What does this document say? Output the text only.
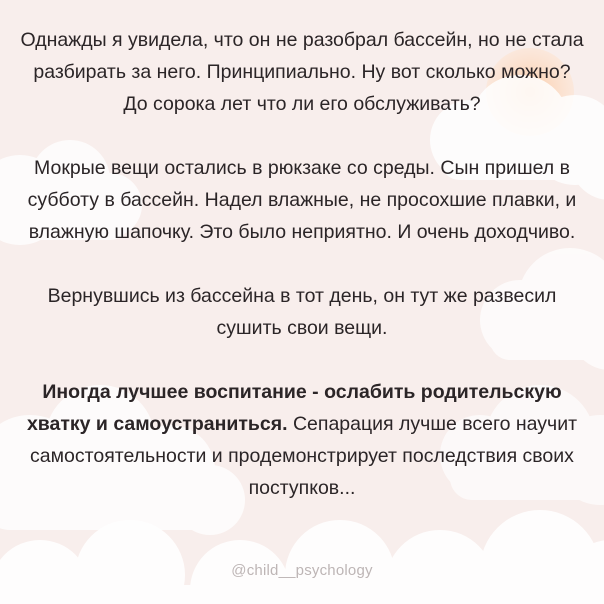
Однажды я увидела, что он не разобрал бассейн, но не стала разбирать за него. Принципиально. Ну вот сколько можно? До сорока лет что ли его обслуживать?

Мокрые вещи остались в рюкзаке со среды. Сын пришел в субботу в бассейн. Надел влажные, не просохшие плавки, и влажную шапочку. Это было неприятно. И очень доходчиво.

Вернувшись из бассейна в тот день, он тут же развесил сушить свои вещи.

Иногда лучшее воспитание - ослабить родительскую хватку и самоустраниться. Сепарация лучше всего научит самостоятельности и продемонстрирует последствия своих поступков...

@child__psychology
